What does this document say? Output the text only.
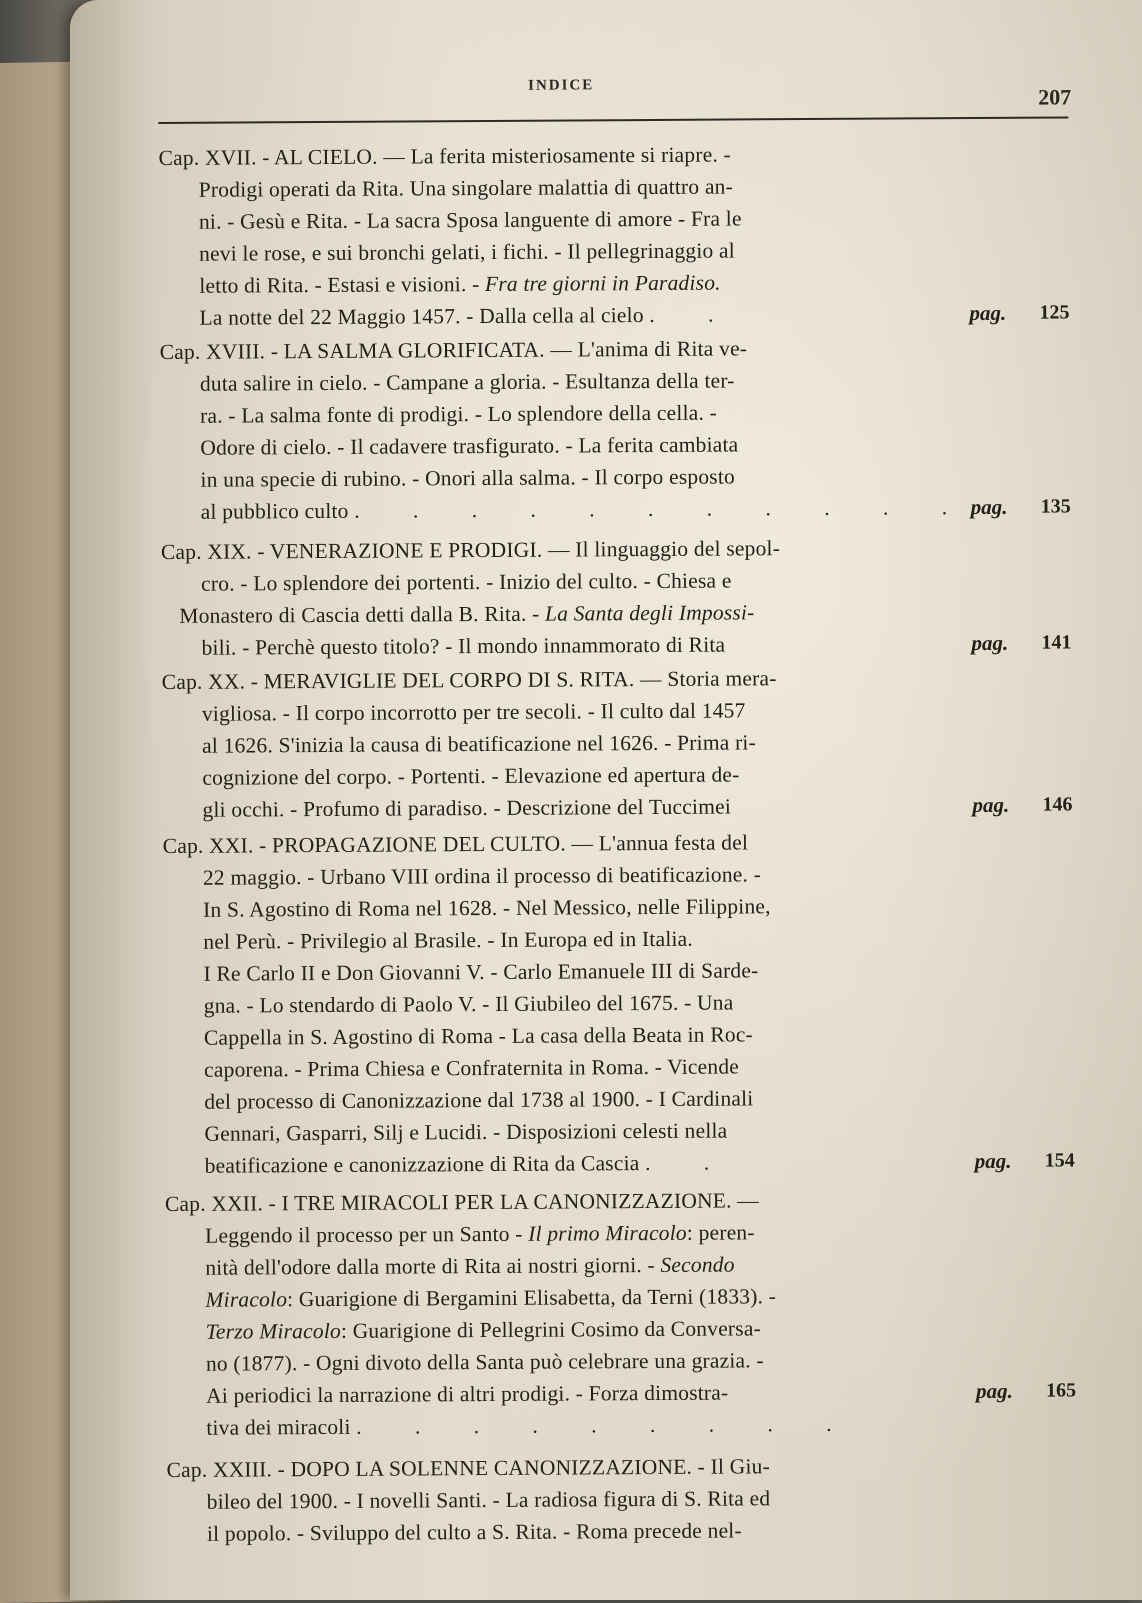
INDICE	207
Cap. XVII. - AL CIELO. — La ferita misteriosamente si riapre. -
Prodigi operati da Rita. Una singolare malattia di quattro an-
ni. - Gesù e Rita. - La sacra Sposa languente di amore - Fra le
nevi le rose, e sui bronchi gelati, i fichi. - Il pellegrinaggio al
letto di Rita. - Estasi e visioni. - Fra tre giorni in Paradiso.
La notte del 22 Maggio 1457. - Dalla cella al cielo . .	pag. 125
Cap. XVIII. - LA SALMA GLORIFICATA. — L'anima di Rita ve-
duta salire in cielo. - Campane a gloria. - Esultanza della ter-
ra. - La salma fonte di prodigi. - Lo splendore della cella. -
Odore di cielo. - Il cadavere trasfigurato. - La ferita cambiata
in una specie di rubino. - Onori alla salma. - Il corpo esposto
al pubblico culto . . . . . . . . . . . pag. 135
Cap. XIX. - VENERAZIONE E PRODIGI. — Il linguaggio del sepol-
cro. - Lo splendore dei portenti. - Inizio del culto. - Chiesa e
Monastero di Cascia detti dalla B. Rita. - La Santa degli Impossi-
bili. - Perchè questo titolo? - Il mondo innammorato di Rita	pag. 141
Cap. XX. - MERAVIGLIE DEL CORPO DI S. RITA. — Storia mera-
vigliosa. - Il corpo incorrotto per tre secoli. - Il culto dal 1457
al 1626. S'inizia la causa di beatificazione nel 1626. - Prima ri-
cognizione del corpo. - Portenti. - Elevazione ed apertura de-
gli occhi. - Profumo di paradiso. - Descrizione del Tuccimei	pag. 146
Cap. XXI. - PROPAGAZIONE DEL CULTO. — L'annua festa del
22 maggio. - Urbano VIII ordina il processo di beatificazione. -
In S. Agostino di Roma nel 1628. - Nel Messico, nelle Filippine,
nel Perù. - Privilegio al Brasile. - In Europa ed in Italia.
I Re Carlo II e Don Giovanni V. - Carlo Emanuele III di Sarde-
gna. - Lo stendardo di Paolo V. - Il Giubileo del 1675. - Una
Cappella in S. Agostino di Roma - La casa della Beata in Roc-
caporena. - Prima Chiesa e Confraternita in Roma. - Vicende
del processo di Canonizzazione dal 1738 al 1900. - I Cardinali
Gennari, Gasparri, Silj e Lucidi. - Disposizioni celesti nella
beatificazione e canonizzazione di Rita da Cascia . .	pag. 154
Cap. XXII. - I TRE MIRACOLI PER LA CANONIZZAZIONE. —
Leggendo il processo per un Santo - Il primo Miracolo: peren-
nità dell'odore dalla morte di Rita ai nostri giorni. - Secondo
Miracolo: Guarigione di Bergamini Elisabetta, da Terni (1833). -
Terzo Miracolo: Guarigione di Pellegrini Cosimo da Conversa-
no (1877). - Ogni divoto della Santa può celebrare una grazia. -
Ai periodici la narrazione di altri prodigi. - Forza dimostra-
tiva dei miracoli . . . . . . . . .
pag. 165
Cap. XXIII. - DOPO LA SOLENNE CANONIZZAZIONE. - Il Giu-
bileo del 1900. - I novelli Santi. - La radiosa figura di S. Rita ed
il popolo. - Sviluppo del culto a S. Rita. - Roma precede nel-
